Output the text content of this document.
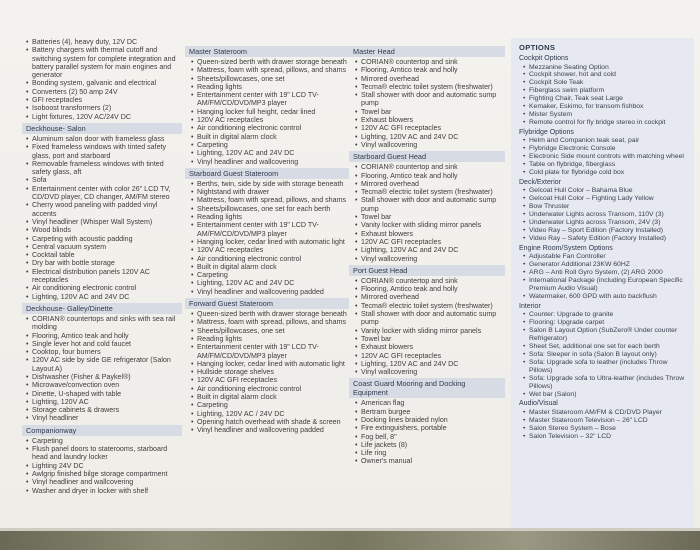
• Batteries (4), heavy duty, 12V DC
• Battery chargers with thermal cutoff and switching system for complete integration and battery parallel system for main engines and generator
• Bonding system, galvanic and electrical
• Converters (2) 50 amp 24V
• GFI receptacles
• Isoboost transformers (2)
• Light fixtures, 120V AC/24V DC
Deckhouse- Salon
• Aluminum salon door with frameless glass
• Fixed frameless windows with tinted safety glass, port and starboard
• Removable frameless windows with tinted safety glass, aft
• Sofa
• Entertainment center with color 26" LCD TV, CD/DVD player, CD changer, AM/FM stereo
• Cherry wood paneling with padded vinyl accents
• Vinyl headliner (Whisper Wall System)
• Wood blinds
• Carpeting with acoustic padding
• Central vacuum system
• Cocktail table
• Dry bar with bottle storage
• Electrical distribution panels 120V AC receptacles
• Air conditioning electronic control
• Lighting, 120V AC and 24V DC
Deckhouse- Galley/Dinette
• CORIAN® countertops and sinks with sea rail molding
• Flooring, Amtico teak and holly
• Single lever hot and cold faucet
• Cooktop, four burners
• 120V AC side by side GE refrigerator (Salon Layout A)
• Dishwasher (Fisher & Paykel®)
• Microwave/convection oven
• Dinette, U-shaped with table
• Lighting, 120V AC
• Storage cabinets & drawers
• Vinyl headliner
Companionway
• Carpeting
• Flush panel doors to staterooms, starboard head and laundry locker
• Lighting 24V DC
• Awlgrip finished bilge storage compartment
• Vinyl headliner and wallcovering
• Washer and dryer in locker with shelf
Master Stateroom
• Queen-sized berth with drawer storage beneath
• Mattress, foam with spread, pillows, and shams
• Sheets/pillowcases, one set
• Reading lights
• Entertainment center with 19" LCD TV-AM/FM/CD/DVD/MP3 player
• Hanging locker full height, cedar lined
• 120V AC receptacles
• Air conditioning electronic control
• Built in digital alarm clock
• Carpeting
• Lighting, 120V AC and 24V DC
• Vinyl headliner and wallcovering
Starboard Guest Stateroom
• Berths, twin, side by side with storage beneath
• Nightstand with drawer
• Mattress, foam with spread, pillows, and shams
• Sheets/pillowcases, one set for each berth
• Reading lights
• Entertainment center with 19" LCD TV-AM/FM/CD/DVD/MP3 player
• Hanging locker, cedar lined with automatic light
• 120V AC receptacles
• Air conditioning electronic control
• Built in digital alarm clock
• Carpeting
• Lighting, 120V AC and 24V DC
• Vinyl headliner and wallcovering padded
Forward Guest Stateroom
• Queen-sized berth with drawer storage beneath
• Mattress, foam with spread, pillows, and shams
• Sheets/pillowcases, one set
• Reading lights
• Entertainment center with 19" LCD TV-AM/FM/CD/DVD/MP3 player
• Hanging locker, cedar lined with automatic light
• Hullside storage shelves
• 120V AC GFI receptacles
• Air conditioning electronic control
• Built in digital alarm clock
• Carpeting
• Lighting, 120V AC / 24V DC
• Opening hatch overhead with shade & screen
• Vinyl headliner and wallcovering padded
Master Head
• CORIAN® countertop and sink
• Flooring, Amtico teak and holly
• Mirrored overhead
• Tecma® electric toilet system (freshwater)
• Stall shower with door and automatic sump pump
• Towel bar
• Exhaust blowers
• 120V AC GFI receptacles
• Lighting, 120V AC and 24V DC
• Vinyl wallcovering
Starboard Guest Head
• CORIAN® countertop and sink
• Flooring, Amtico teak and holly
• Mirrored overhead
• Tecma® electric toilet system (freshwater)
• Stall shower with door and automatic sump pump
• Towel bar
• Vanity locker with sliding mirror panels
• Exhaust blowers
• 120V AC GFI receptacles
• Lighting, 120V AC and 24V DC
• Vinyl wallcovering
Port Guest Head
• CORIAN® countertop and sink
• Flooring, Amtico teak and holly
• Mirrored overhead
• Tecma® electric toilet system (freshwater)
• Stall shower with door and automatic sump pump
• Vanity locker with sliding mirror panels
• Towel bar
• Exhaust blowers
• 120V AC GFI receptacles
• Lighting, 120V AC and 24V DC
• Vinyl wallcovering
Coast Guard Mooring and Docking Equipment
• American flag
• Bertram burgee
• Docking lines braided nylon
• Fire extinguishers, portable
• Fog bell, 8"
• Life jackets (8)
• Life ring
• Owner's manual
OPTIONS
Cockpit Options
• Mezzanine Seating Option
• Cockpit shower, hot and cold
• Cockpit Sole Teak
• Fiberglass swim platform
• Fighting Chair, Teak seat Large
• Kemaker, Eskimo, for transom fishbox
• Mister System
• Remote control for fly bridge stereo in cockpit
Flybridge Options
• Helm and Companion teak seat, pair
• Flybridge Electronic Console
• Electronic Side mount controls with matching wheel
• Table on flybridge, fiberglass
• Cold plate for flybridge cold box
Deck/Exterior
• Gelcoat Hull Color – Bahama Blue
• Gelcoat Hull Color – Fighting Lady Yellow
• Bow Thruster
• Underwater Lights across Transom, 110V (3)
• Underwater Lights across Transom, 24V (3)
• Video Ray – Sport Edition (Factory Installed)
• Video Ray – Safety Edition (Factory Installed)
Engine Room/System Options
• Adjustable Fan Controller
• Generator Additional 23KW 60HZ
• ARG – Anti Roll Gyro System, (2) ARG 2000
• International Package (including European Specific Premium Audio Visual)
• Watermaker, 600 GPD with auto backflush
Interior
• Counter: Upgrade to granite
• Flooring: Upgrade carpet
• Salon B Layout Option (SubZero® Under counter Refrigerator)
• Sheet Set, additional one set for each berth
• Sofa: Sleeper in sofa (Salon B layout only)
• Sofa: Upgrade sofa to leather (includes Throw Pillows)
• Sofa: Upgrade sofa to Ultra-leather (includes Throw Pillows)
• Wet bar (Salon)
Audio/Visual
• Master Stateroom AM/FM & CD/DVD Player
• Master Stateroom Television – 26" LCD
• Salon Stereo System – Bose
• Salon Television – 32" LCD
